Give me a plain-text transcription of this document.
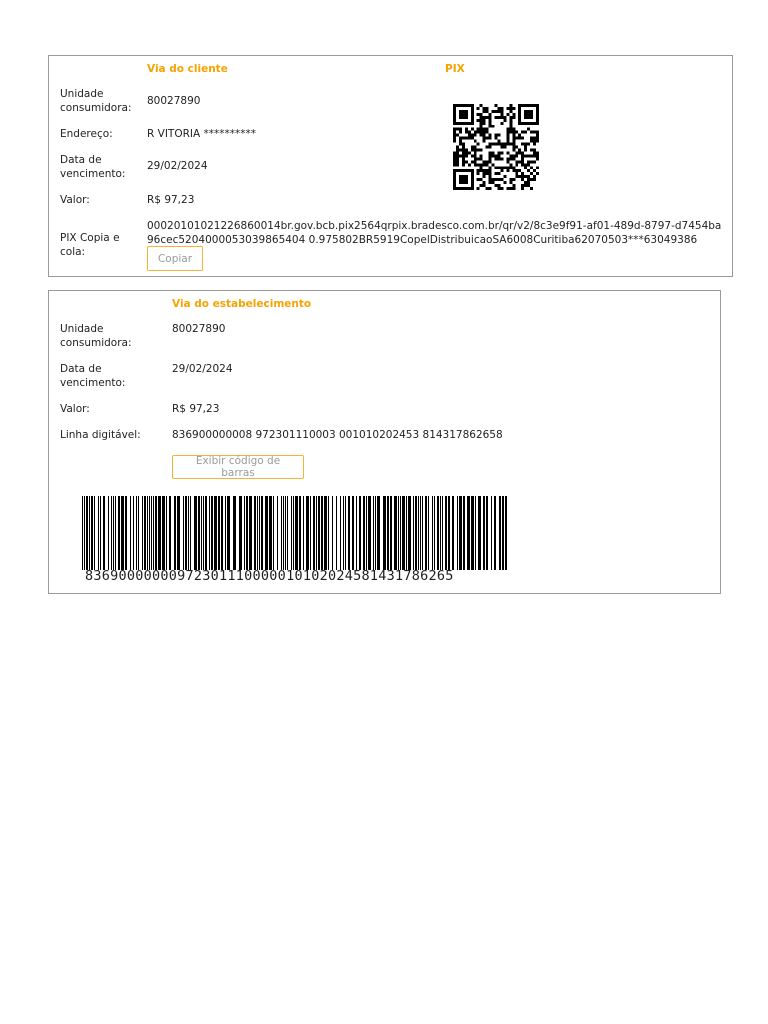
Via do cliente	PIX
Unidade consumidora:
80027890
Endereço:	R VITORIA **********
Data de vencimento:
29/02/2024
Valor:	R$ 97,23
PIX Copia e cola:
00020101021226860014br.gov.bcb.pix2564qrpix.bradesco.com.br/qr/v2/8c3e9f91-af01-489d-8797-d7454ba96cec5204000053039865404 0.975802BR5919CopelDistribuicaoSA6008Curitiba62070503***63049386
Copiar
Via do estabelecimento
Unidade consumidora:
80027890
Data de vencimento:
29/02/2024
Valor:	R$ 97,23
Linha digitável:	836900000008 972301110003 001010202453 814317862658
Exibir código de barras
83690000000972301110000010102024581431786265
